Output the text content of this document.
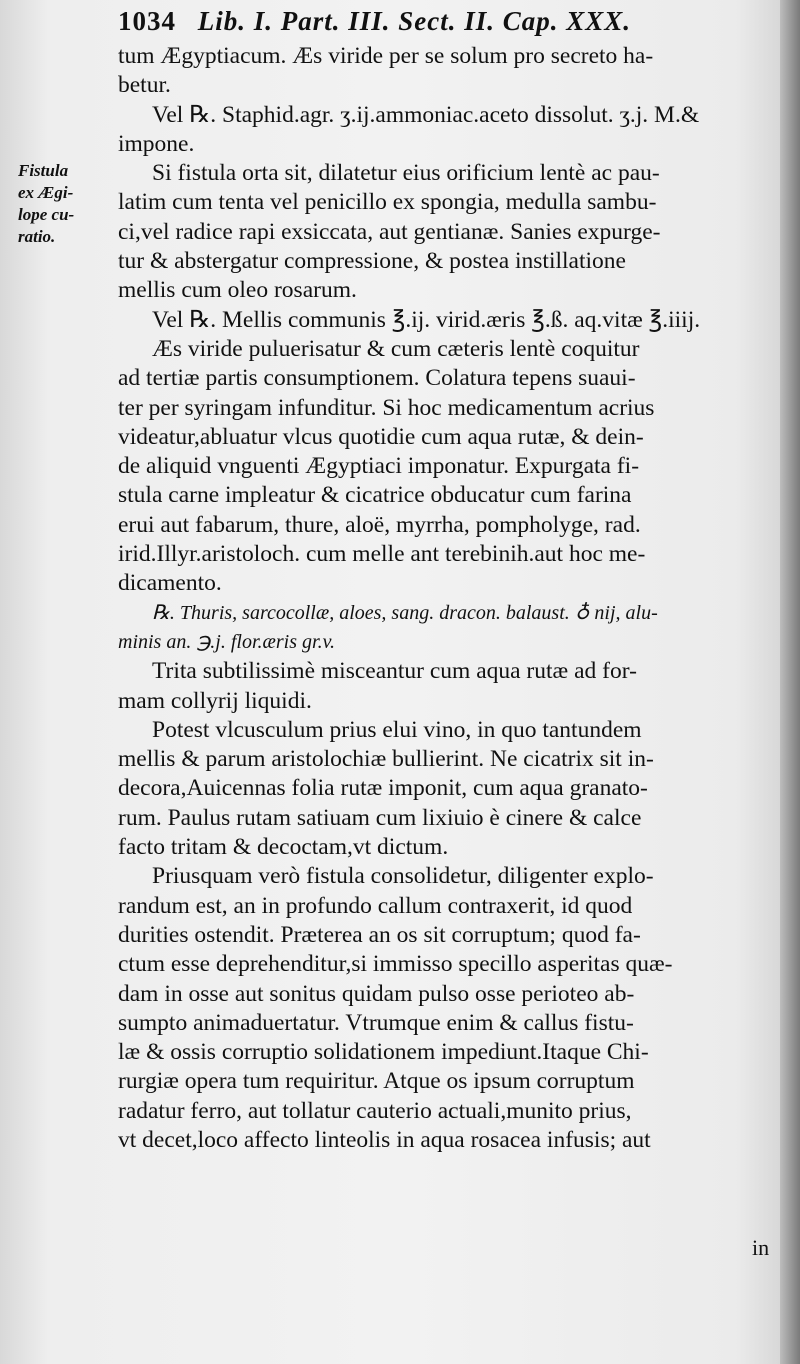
1034 Lib. I. Part. III. Sect. II. Cap. XXX.
Fistula
ex Ægi-
lope cu-
ratio.
tum Ægyptiacum. Æs viride per se solum pro secreto ha-
betur.
Vel ℞. Staphid.agr. ʒ.ij.ammoniac.aceto dissolut. ʒ.j. M.&
impone.
Si fistula orta sit, dilatetur eius orificium lentè ac pau-
latim cum tenta vel penicillo ex spongia, medulla sambu-
ci,vel radice rapi exsiccata, aut gentianæ. Sanies expurge-
tur & abstergatur compressione, & postea instillatione
mellis cum oleo rosarum.
Vel ℞. Mellis communis ℥.ij. virid.æris ℥.ß. aq.vitæ ℥.iiij.
Æs viride puluerisatur & cum cæteris lentè coquitur
ad tertiæ partis consumptionem. Colatura tepens suaui-
ter per syringam infunditur. Si hoc medicamentum acrius
videatur,abluatur vlcus quotidie cum aqua rutæ, & dein-
de aliquid vnguenti Ægyptiaci imponatur. Expurgata fi-
stula carne impleatur & cicatrice obducatur cum farina
erui aut fabarum, thure, aloë, myrrha, pompholyge, rad.
irid.Illyr.aristoloch. cum melle ant terebinih.aut hoc me-
dicamento.
℞. Thuris, sarcocollæ, aloes, sang. dracon. balaust. ♁ nij, alu-
minis an. ℈.j. flor.æris gr.v.
Trita subtilissimè misceantur cum aqua rutæ ad for-
mam collyrij liquidi.
Potest vlcusculum prius elui vino, in quo tantundem
mellis & parum aristolochiæ bullierint. Ne cicatrix sit in-
decora,Auicennas folia rutæ imponit, cum aqua granato-
rum. Paulus rutam satiuam cum lixiuio è cinere & calce
facto tritam & decoctam,vt dictum.
Priusquam verò fistula consolidetur, diligenter explo-
randum est, an in profundo callum contraxerit, id quod
durities ostendit. Præterea an os sit corruptum; quod fa-
ctum esse deprehenditur,si immisso specillo asperitas quæ-
dam in osse aut sonitus quidam pulso osse perioteo ab-
sumpto animaduertatur. Vtrumque enim & callus fistu-
læ & ossis corruptio solidationem impediunt.Itaque Chi-
rurgiæ opera tum requiritur. Atque os ipsum corruptum
radatur ferro, aut tollatur cauterio actuali,munito prius,
vt decet,loco affecto linteolis in aqua rosacea infusis; aut
in
